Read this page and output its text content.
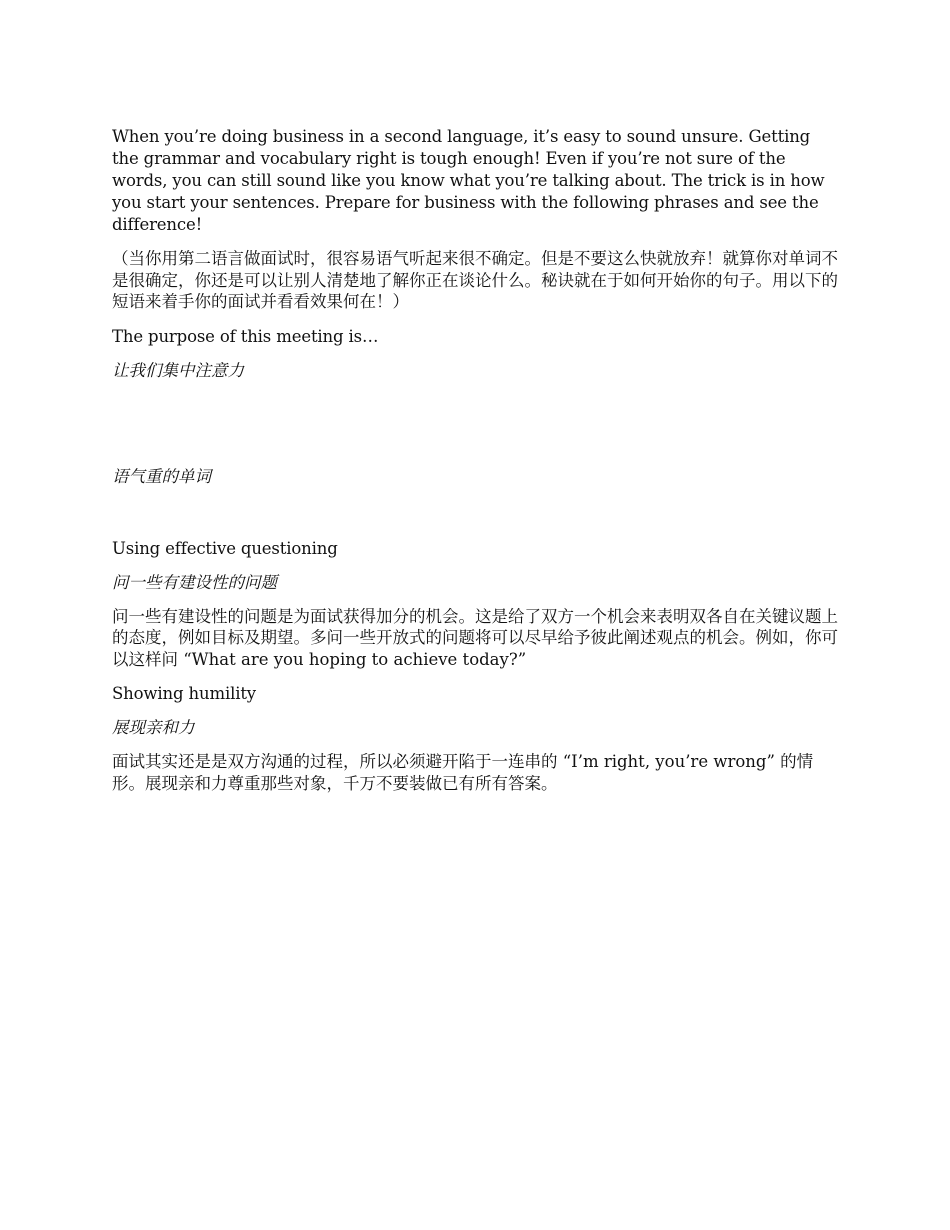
When you’re doing business in a second language, it’s easy to sound unsure. Getting the grammar and vocabulary right is tough enough! Even if you’re not sure of the words, you can still sound like you know what you’re talking about. The trick is in how you start your sentences. Prepare for business with the following phrases and see the difference!

（当你用第二语言做面试时，很容易语气听起来很不确定。但是不要这么快就放弃！就算你对单词不是很确定，你还是可以让别人清楚地了解你正在谈论什么。秘诀就在于如何开始你的句子。用以下的短语来着手你的面试并看看效果何在！）

The purpose of this meeting is…

让我们集中注意力

语气重的单词

Using effective questioning

问一些有建设性的问题

问一些有建设性的问题是为面试获得加分的机会。这是给了双方一个机会来表明双各自在关键议题上的态度，例如目标及期望。多问一些开放式的问题将可以尽早给予彼此阐述观点的机会。例如，你可以这样问 “What are you hoping to achieve today?”

Showing humility

展现亲和力

面试其实还是是双方沟通的过程，所以必须避开陷于一连串的 “I’m right, you’re wrong” 的情形。展现亲和力尊重那些对象，千万不要装做已有所有答案。
